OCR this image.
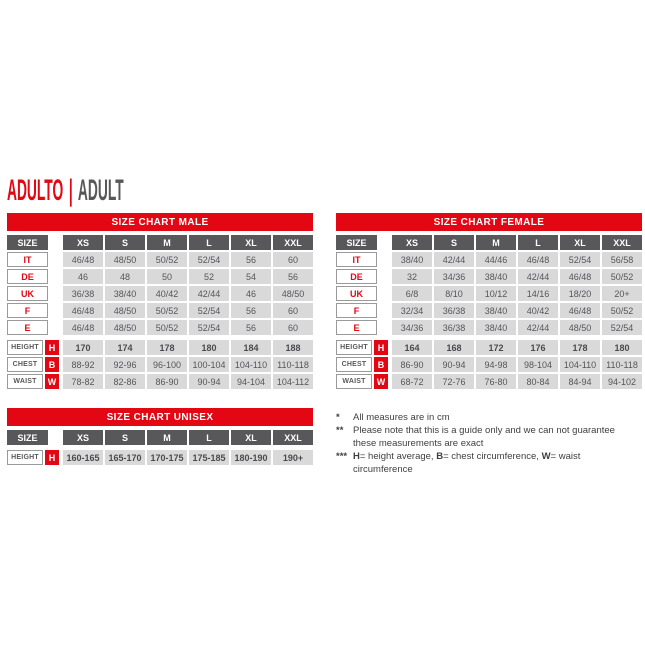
ADULTO | ADULT
SIZE CHART MALE
SIZE	XS	S	M	L	XL	XXL
IT	46/48	48/50	50/52	52/54	56	60
DE	46	48	50	52	54	56
UK	36/38	38/40	40/42	42/44	46	48/50
F	46/48	48/50	50/52	52/54	56	60
E	46/48	48/50	50/52	52/54	56	60
HEIGHT	H	170	174	178	180	184	188
CHEST	B	88-92	92-96	96-100	100-104	104-110	110-118
WAIST	W	78-82	82-86	86-90	90-94	94-104	104-112
SIZE CHART FEMALE
SIZE	XS	S	M	L	XL	XXL
IT	38/40	42/44	44/46	46/48	52/54	56/58
DE	32	34/36	38/40	42/44	46/48	50/52
UK	6/8	8/10	10/12	14/16	18/20	20+
F	32/34	36/38	38/40	40/42	46/48	50/52
E	34/36	36/38	38/40	42/44	48/50	52/54
HEIGHT	H	164	168	172	176	178	180
CHEST	B	86-90	90-94	94-98	98-104	104-110	110-118
WAIST	W	68-72	72-76	76-80	80-84	84-94	94-102
SIZE CHART UNISEX
SIZE	XS	S	M	L	XL	XXL
HEIGHT	H	160-165 165-170 170-175 175-185 180-190	190+
*	All measures are in cm
**	Please note that this is a guide only and we can not guarantee these measurements are exact
*** H= height average, B= chest circumference, W= waist circumference
